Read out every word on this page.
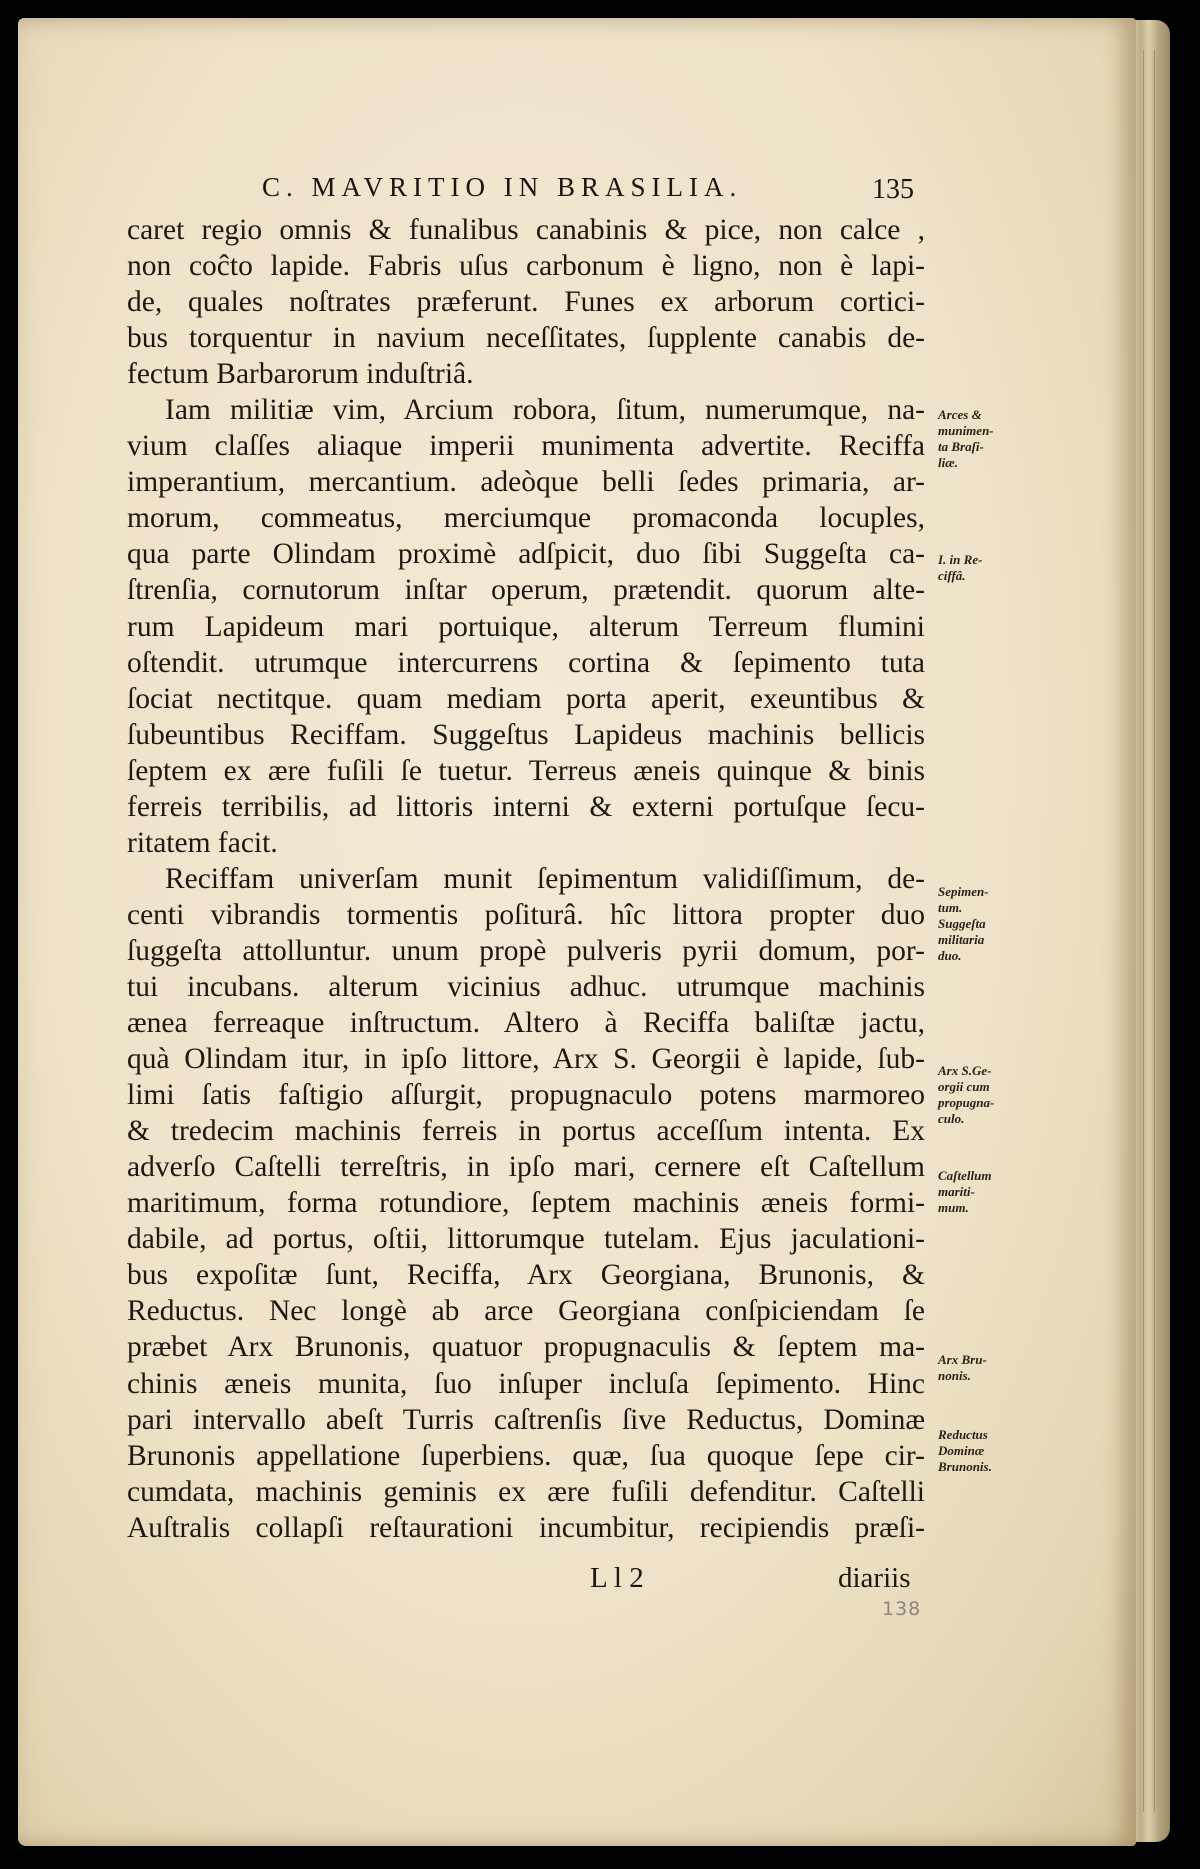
C. MAVRITIO IN BRASILIA.	135
caret regio omnis & funalibus canabinis & pice, non calce ,
non coĉto lapide. Fabris uſus carbonum è ligno, non è lapi-
de, quales noſtrates præferunt. Funes ex arborum cortici-
bus torquentur in navium neceſſitates, ſupplente canabis de-
fectum Barbarorum induſtriâ.
Iam militiæ vim, Arcium robora, ſitum, numerumque, na-
vium claſſes aliaque imperii munimenta advertite. Reciffa
imperantium, mercantium. adeòque belli ſedes primaria, ar-
morum, commeatus, merciumque promaconda locuples,
qua parte Olindam proximè adſpicit, duo ſibi Suggeſta ca-
ſtrenſia, cornutorum inſtar operum, prætendit. quorum alte-
rum Lapideum mari portuique, alterum Terreum flumini
oſtendit. utrumque intercurrens cortina & ſepimento tuta
ſociat nectitque. quam mediam porta aperit, exeuntibus &
ſubeuntibus Reciffam. Suggeſtus Lapideus machinis bellicis
ſeptem ex ære fuſili ſe tuetur. Terreus æneis quinque & binis
ferreis terribilis, ad littoris interni & externi portuſque ſecu-
ritatem facit.
Reciffam univerſam munit ſepimentum validiſſimum, de-
centi vibrandis tormentis poſiturâ. hîc littora propter duo
ſuggeſta attolluntur. unum propè pulveris pyrii domum, por-
tui incubans. alterum vicinius adhuc. utrumque machinis
ænea ferreaque inſtructum. Altero à Reciffa baliſtæ jactu,
quà Olindam itur, in ipſo littore, Arx S. Georgii è lapide, ſub-
limi ſatis faſtigio aſſurgit, propugnaculo potens marmoreo
& tredecim machinis ferreis in portus acceſſum intenta. Ex
adverſo Caſtelli terreſtris, in ipſo mari, cernere eſt Caſtellum
maritimum, forma rotundiore, ſeptem machinis æneis formi-
dabile, ad portus, oſtii, littorumque tutelam. Ejus jaculationi-
bus expoſitæ ſunt, Reciffa, Arx Georgiana, Brunonis, &
Reductus. Nec longè ab arce Georgiana conſpiciendam ſe
præbet Arx Brunonis, quatuor propugnaculis & ſeptem ma-
chinis æneis munita, ſuo inſuper incluſa ſepimento. Hinc
pari intervallo abeſt Turris caſtrenſis ſive Reductus, Dominæ
Brunonis appellatione ſuperbiens. quæ, ſua quoque ſepe cir-
cumdata, machinis geminis ex ære fuſili defenditur. Caſtelli
Auſtralis collapſi reſtaurationi incumbitur, recipiendis præſi-
Arces &
munimen-
ta Braſi-
liæ.
I. in Re-
ciffâ.
Sepimen-
tum.
Suggeſta
militaria
duo.
Arx S.Ge-
orgii cum
propugna-
culo.
Caſtellum
mariti-
mum.
Arx Bru-
nonis.
Reductus
Dominæ
Brunonis.
L l 2	diariis
138
